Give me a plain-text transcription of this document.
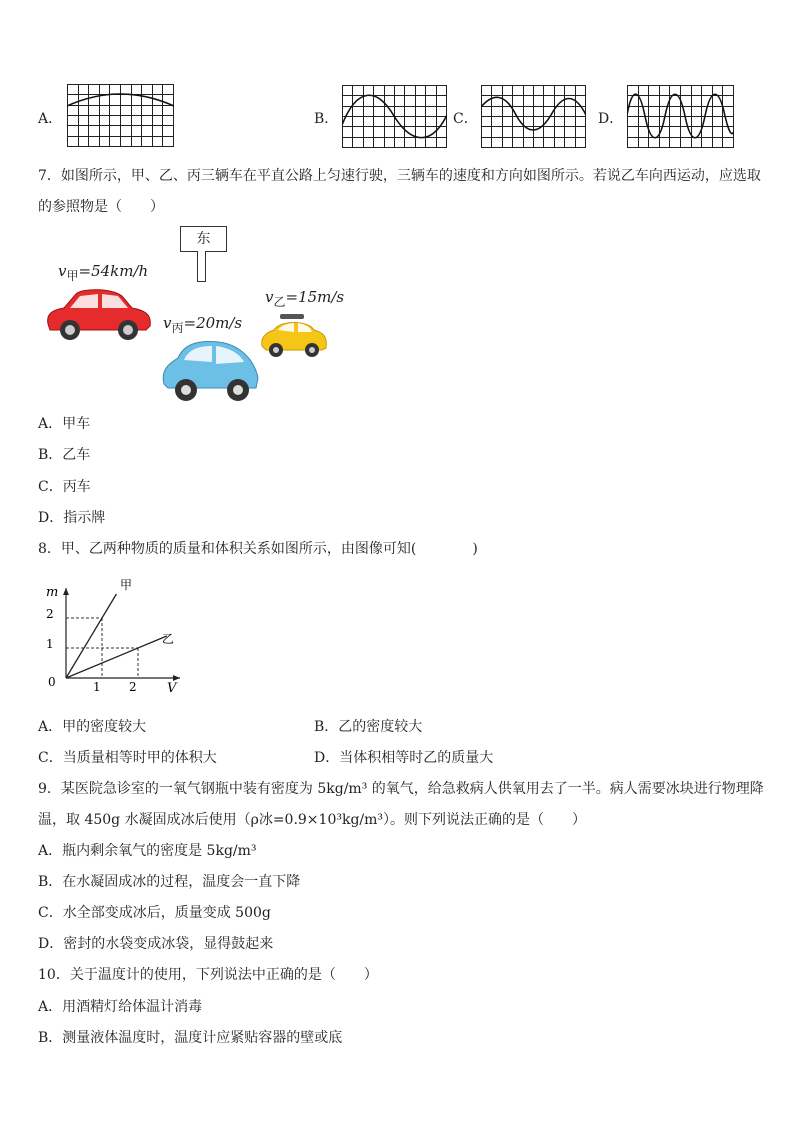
A．	B．	C．	D．
7．如图所示，甲、乙、丙三辆车在平直公路上匀速行驶，三辆车的速度和方向如图所示。若说乙车向西运动，应选取
的参照物是（　　）
东
$v_甲=54km/h$
$v_乙=15m/s$
$v_丙=20m/s$
A．甲车
B．乙车
C．丙车
D．指示牌
8．甲、乙两种物质的质量和体积关系如图所示，由图像可知(　　　　)
m
V
0
2
1
1 2
甲
乙
A．甲的密度较大	B．乙的密度较大
C．当质量相等时甲的体积大	D．当体积相等时乙的质量大
9．某医院急诊室的一氧气钢瓶中装有密度为 5kg/m³ 的氧气，给急救病人供氧用去了一半。病人需要冰块进行物理降
温，取 450g 水凝固成冰后使用（ρ冰=0.9×10³kg/m³）。则下列说法正确的是（　　）
A．瓶内剩余氧气的密度是 5kg/m³
B．在水凝固成冰的过程，温度会一直下降
C．水全部变成冰后，质量变成 500g
D．密封的水袋变成冰袋，显得鼓起来
10．关于温度计的使用，下列说法中正确的是（　　）
A．用酒精灯给体温计消毒
B．测量液体温度时，温度计应紧贴容器的壁或底
